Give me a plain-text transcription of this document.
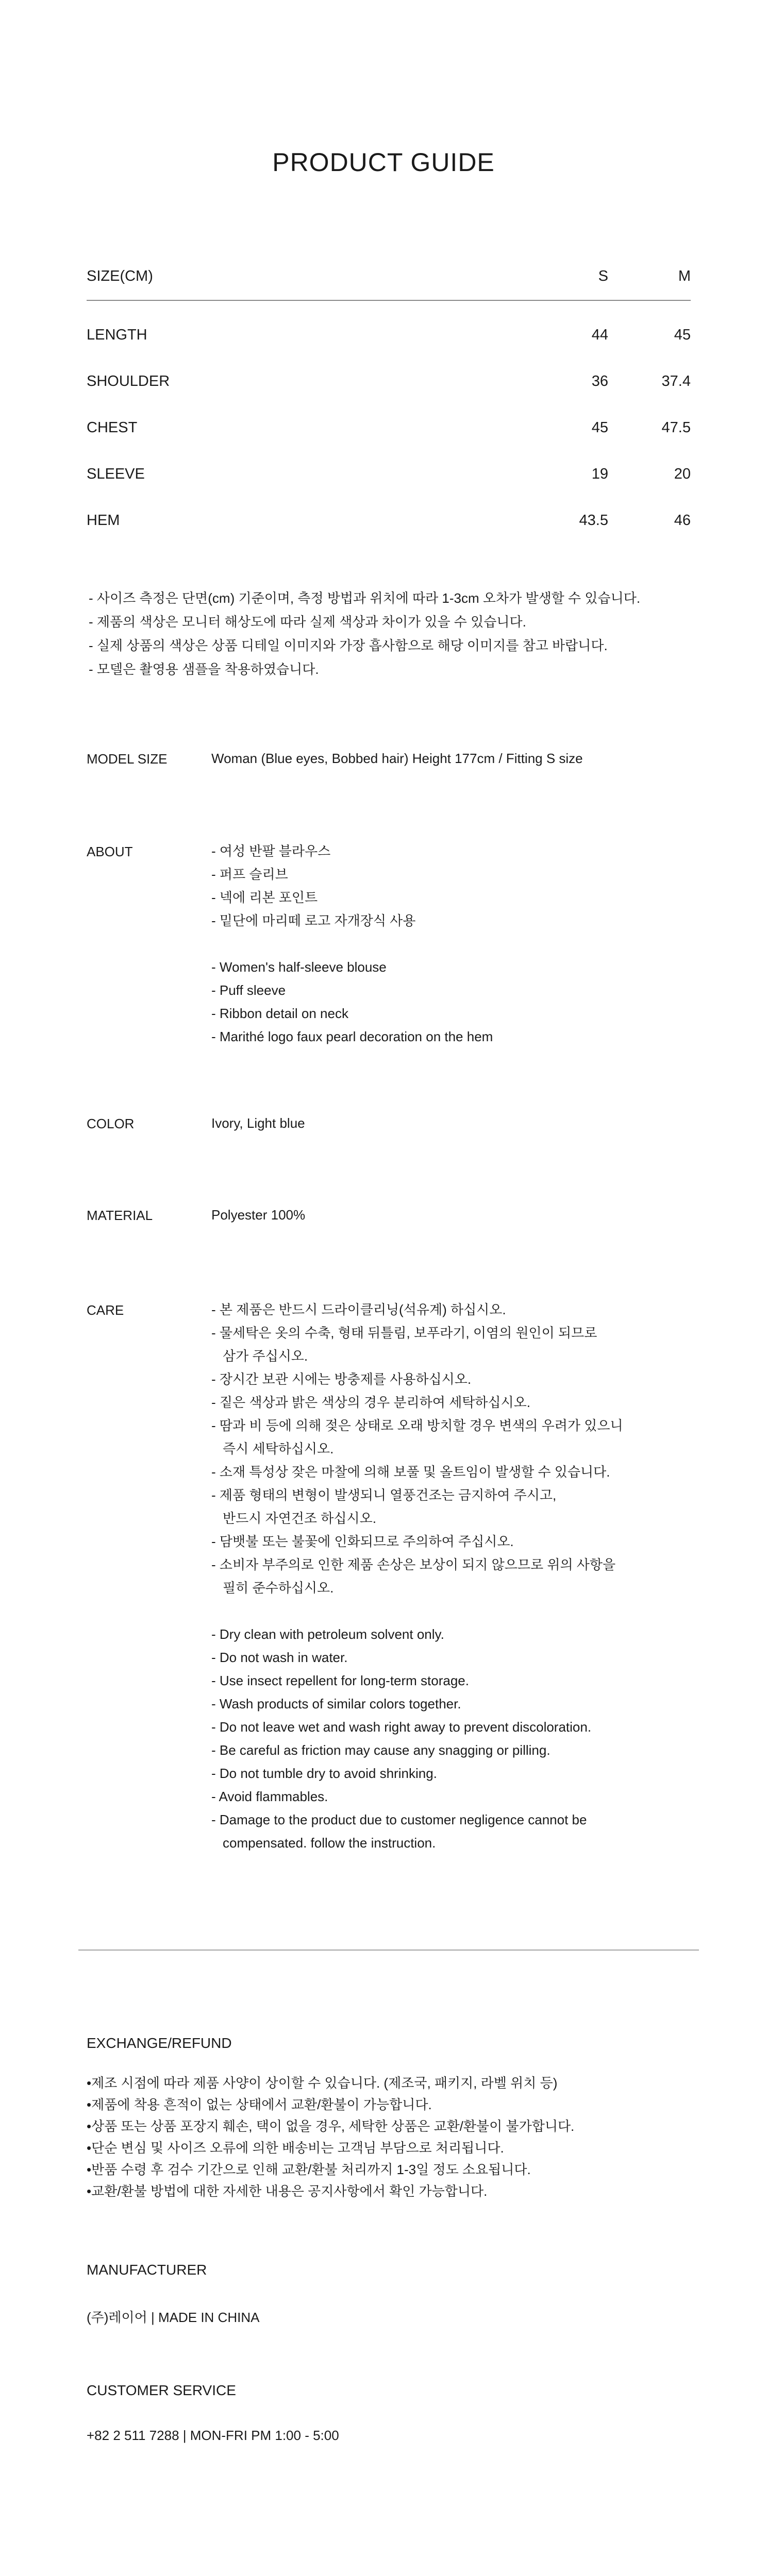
PRODUCT GUIDE
SIZE(CM)	S	M
LENGTH	44	45
SHOULDER	36	37.4
CHEST	45	47.5
SLEEVE	19	20
HEM	43.5	46
- 사이즈 측정은 단면(cm) 기준이며, 측정 방법과 위치에 따라 1-3cm 오차가 발생할 수 있습니다.
- 제품의 색상은 모니터 해상도에 따라 실제 색상과 차이가 있을 수 있습니다.
- 실제 상품의 색상은 상품 디테일 이미지와 가장 흡사함으로 해당 이미지를 참고 바랍니다.
- 모델은 촬영용 샘플을 착용하였습니다.
MODEL SIZE	Woman (Blue eyes, Bobbed hair) Height 177cm / Fitting S size
ABOUT	- 여성 반팔 블라우스
- 퍼프 슬리브
- 넥에 리본 포인트
- 밑단에 마리떼 로고 자개장식 사용
- Women's half-sleeve blouse
- Puff sleeve
- Ribbon detail on neck
- Marithé logo faux pearl decoration on the hem
COLOR	Ivory, Light blue
MATERIAL	Polyester 100%
CARE	- 본 제품은 반드시 드라이클리닝(석유계) 하십시오.
- 물세탁은 옷의 수축, 형태 뒤틀림, 보푸라기, 이염의 원인이 되므로
삼가 주십시오.
- 장시간 보관 시에는 방충제를 사용하십시오.
- 짙은 색상과 밝은 색상의 경우 분리하여 세탁하십시오.
- 땀과 비 등에 의해 젖은 상태로 오래 방치할 경우 변색의 우려가 있으니
즉시 세탁하십시오.
- 소재 특성상 잦은 마찰에 의해 보풀 및 올트임이 발생할 수 있습니다.
- 제품 형태의 변형이 발생되니 열풍건조는 금지하여 주시고,
반드시 자연건조 하십시오.
- 담뱃불 또는 불꽃에 인화되므로 주의하여 주십시오.
- 소비자 부주의로 인한 제품 손상은 보상이 되지 않으므로 위의 사항을
필히 준수하십시오.
- Dry clean with petroleum solvent only.
- Do not wash in water.
- Use insect repellent for long-term storage.
- Wash products of similar colors together.
- Do not leave wet and wash right away to prevent discoloration.
- Be careful as friction may cause any snagging or pilling.
- Do not tumble dry to avoid shrinking.
- Avoid flammables.
- Damage to the product due to customer negligence cannot be
compensated. follow the instruction.
EXCHANGE/REFUND
•제조 시점에 따라 제품 사양이 상이할 수 있습니다. (제조국, 패키지, 라벨 위치 등)
•제품에 착용 흔적이 없는 상태에서 교환/환불이 가능합니다.
•상품 또는 상품 포장지 훼손, 택이 없을 경우, 세탁한 상품은 교환/환불이 불가합니다.
•단순 변심 및 사이즈 오류에 의한 배송비는 고객님 부담으로 처리됩니다.
•반품 수령 후 검수 기간으로 인해 교환/환불 처리까지 1-3일 정도 소요됩니다.
•교환/환불 방법에 대한 자세한 내용은 공지사항에서 확인 가능합니다.
MANUFACTURER
(주)레이어 | MADE IN CHINA
CUSTOMER SERVICE
+82 2 511 7288 | MON-FRI PM 1:00 - 5:00
